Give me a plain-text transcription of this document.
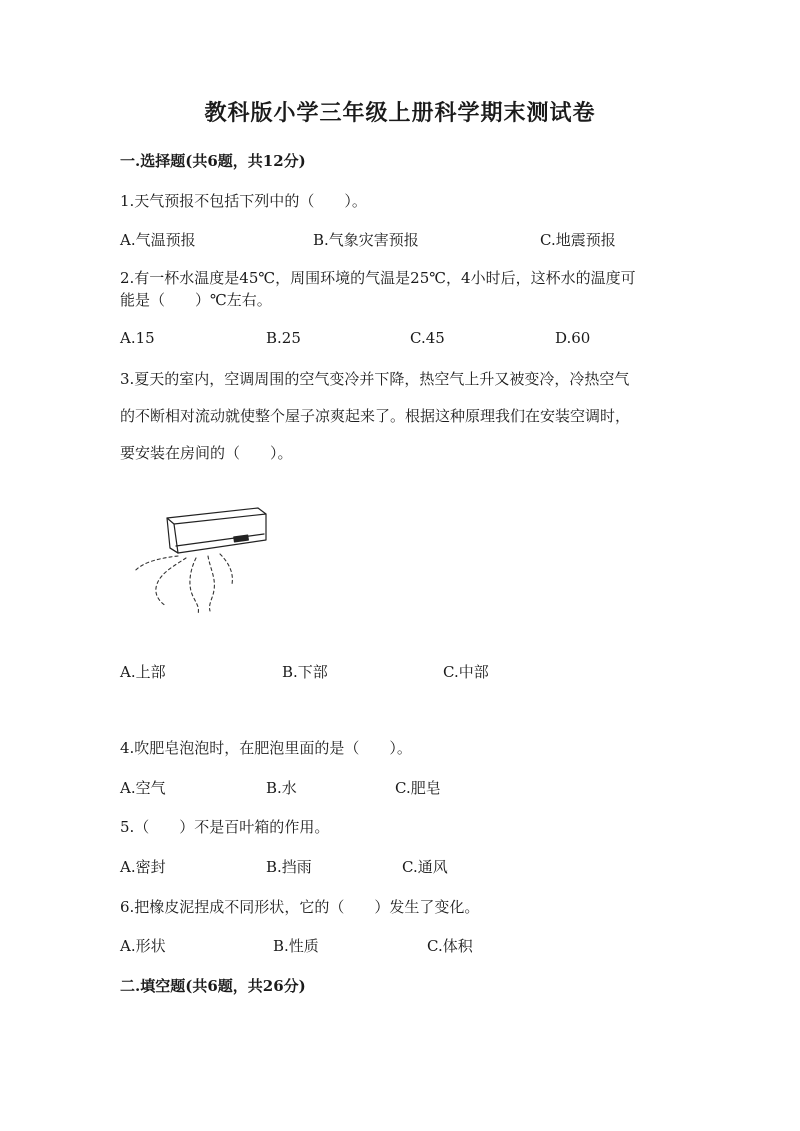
教科版小学三年级上册科学期末测试卷
一.选择题(共6题，共12分)

1.天气预报不包括下列中的（　　）。

A.气温预报	B.气象灾害预报	C.地震预报

2.有一杯水温度是45℃，周围环境的气温是25℃，4小时后，这杯水的温度可

能是（　　）℃左右。

A.15	B.25	C.45	D.60

3.夏天的室内，空调周围的空气变冷并下降，热空气上升又被变冷，冷热空气

的不断相对流动就使整个屋子凉爽起来了。根据这种原理我们在安装空调时，

要安装在房间的（　　）。

A.上部	B.下部	C.中部

4.吹肥皂泡泡时，在肥泡里面的是（　　）。

A.空气	B.水	C.肥皂

5.（　　）不是百叶箱的作用。

A.密封	B.挡雨	C.通风

6.把橡皮泥捏成不同形状，它的（　　）发生了变化。

A.形状	B.性质	C.体积

二.填空题(共6题，共26分)
